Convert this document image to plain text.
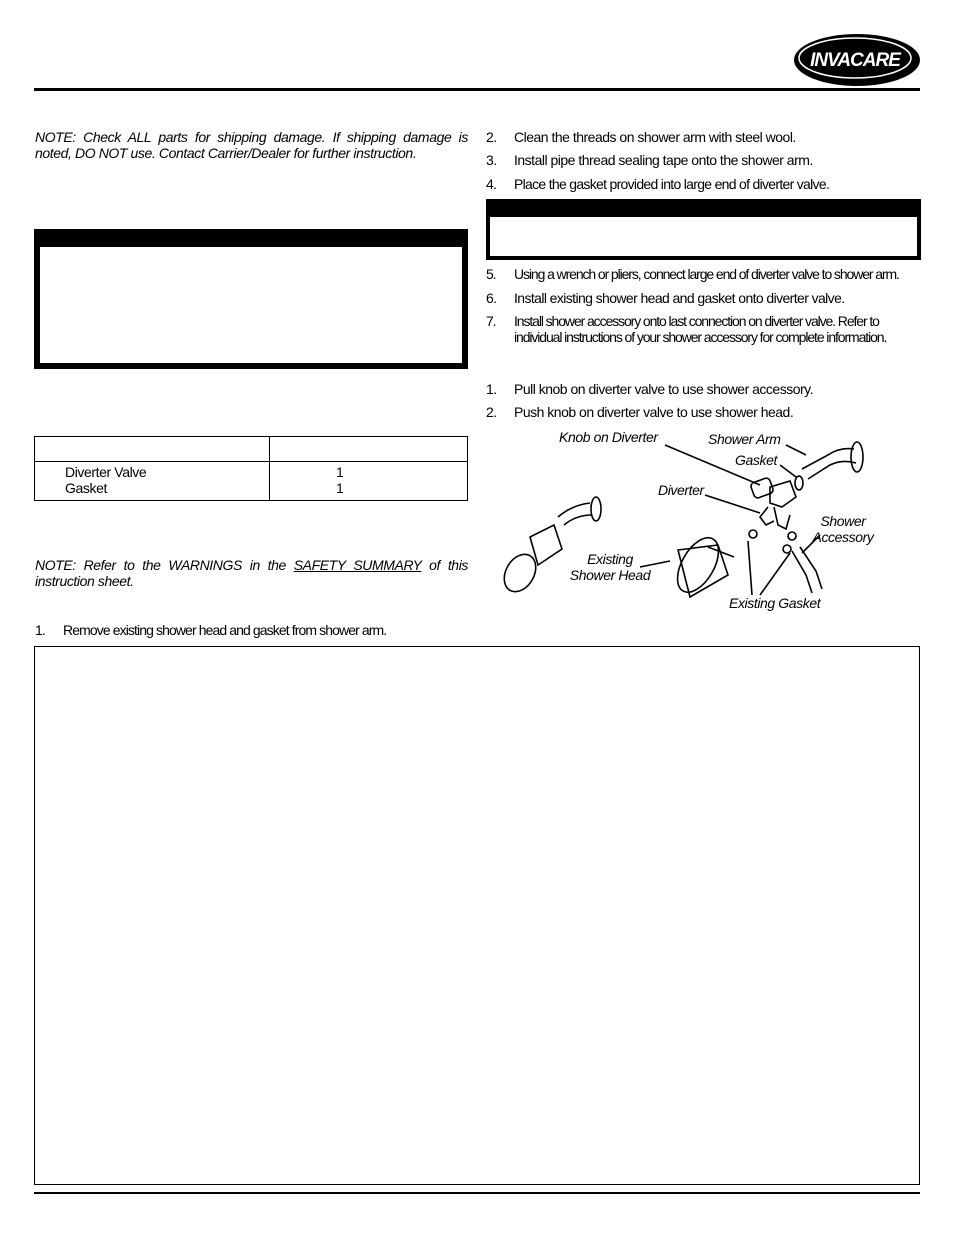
INVACARE
NOTE: Check ALL parts for shipping damage. If shipping damage is noted, DO NOT use. Contact Carrier/Dealer for further instruction.

Diverter Valve	1
Gasket	1
NOTE: Refer to the WARNINGS in the SAFETY SUMMARY of this instruction sheet.
1. Remove existing shower head and gasket from shower arm.
2. Clean the threads on shower arm with steel wool.
3. Install pipe thread sealing tape onto the shower arm.
4. Place the gasket provided into large end of diverter valve.
5. Using a wrench or pliers, connect large end of diverter valve to shower arm.
6. Install existing shower head and gasket onto diverter valve.
7. Install shower accessory onto last connection on diverter valve. Refer to
individual instructions of your shower accessory for complete information.
1. Pull knob on diverter valve to use shower accessory.
2. Push knob on diverter valve to use shower head.
Knob on Diverter	Shower Arm
Gasket
Diverter
Shower
Accessory
Existing
Shower Head
Existing Gasket
